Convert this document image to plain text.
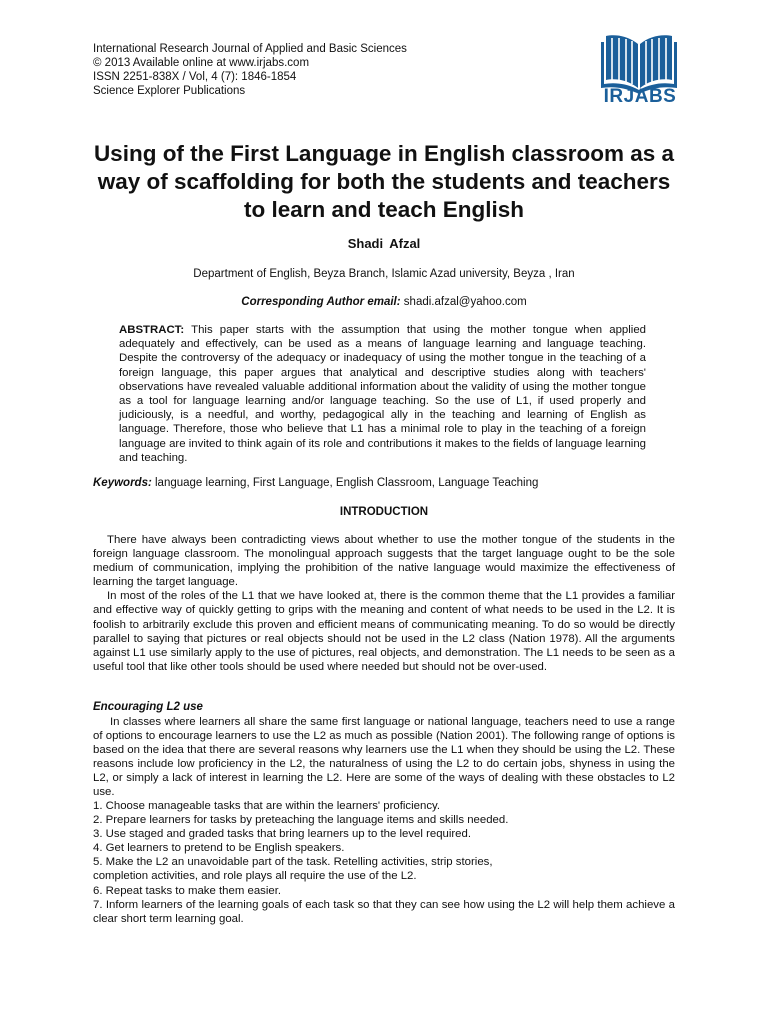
International Research Journal of Applied and Basic Sciences
© 2013 Available online at www.irjabs.com
ISSN 2251-838X / Vol, 4 (7): 1846-1854
Science Explorer Publications	IRJABS
Using of the First Language in English classroom as a way of scaffolding for both the students and teachers to learn and teach English
Shadi Afzal
Department of English, Beyza Branch, Islamic Azad university, Beyza , Iran
Corresponding Author email: shadi.afzal@yahoo.com
ABSTRACT: This paper starts with the assumption that using the mother tongue when applied adequately and effectively, can be used as a means of language learning and language teaching. Despite the controversy of the adequacy or inadequacy of using the mother tongue in the teaching of a foreign language, this paper argues that analytical and descriptive studies along with teachers' observations have revealed valuable additional information about the validity of using the mother tongue as a tool for language learning and/or language teaching. So the use of L1, if used properly and judiciously, is a needful, and worthy, pedagogical ally in the teaching and learning of English as language. Therefore, those who believe that L1 has a minimal role to play in the teaching of a foreign language are invited to think again of its role and contributions it makes to the fields of language learning and teaching.
Keywords: language learning, First Language, English Classroom, Language Teaching
INTRODUCTION

There have always been contradicting views about whether to use the mother tongue of the students in the foreign language classroom. The monolingual approach suggests that the target language ought to be the sole medium of communication, implying the prohibition of the native language would maximize the effectiveness of learning the target language.

In most of the roles of the L1 that we have looked at, there is the common theme that the L1 provides a familiar and effective way of quickly getting to grips with the meaning and content of what needs to be used in the L2. It is foolish to arbitrarily exclude this proven and efficient means of communicating meaning. To do so would be directly parallel to saying that pictures or real objects should not be used in the L2 class (Nation 1978). All the arguments against L1 use similarly apply to the use of pictures, real objects, and demonstration. The L1 needs to be seen as a useful tool that like other tools should be used where needed but should not be over-used.

Encouraging L2 use

In classes where learners all share the same first language or national language, teachers need to use a range of options to encourage learners to use the L2 as much as possible (Nation 2001). The following range of options is based on the idea that there are several reasons why learners use the L1 when they should be using the L2. These reasons include low proficiency in the L2, the naturalness of using the L2 to do certain jobs, shyness in using the L2, or simply a lack of interest in learning the L2. Here are some of the ways of dealing with these obstacles to L2 use.

1. Choose manageable tasks that are within the learners' proficiency.
2. Prepare learners for tasks by preteaching the language items and skills needed.
3. Use staged and graded tasks that bring learners up to the level required.
4. Get learners to pretend to be English speakers.
5. Make the L2 an unavoidable part of the task. Retelling activities, strip stories,
completion activities, and role plays all require the use of the L2.
6. Repeat tasks to make them easier.
7. Inform learners of the learning goals of each task so that they can see how using the L2 will help them achieve a clear short term learning goal.
